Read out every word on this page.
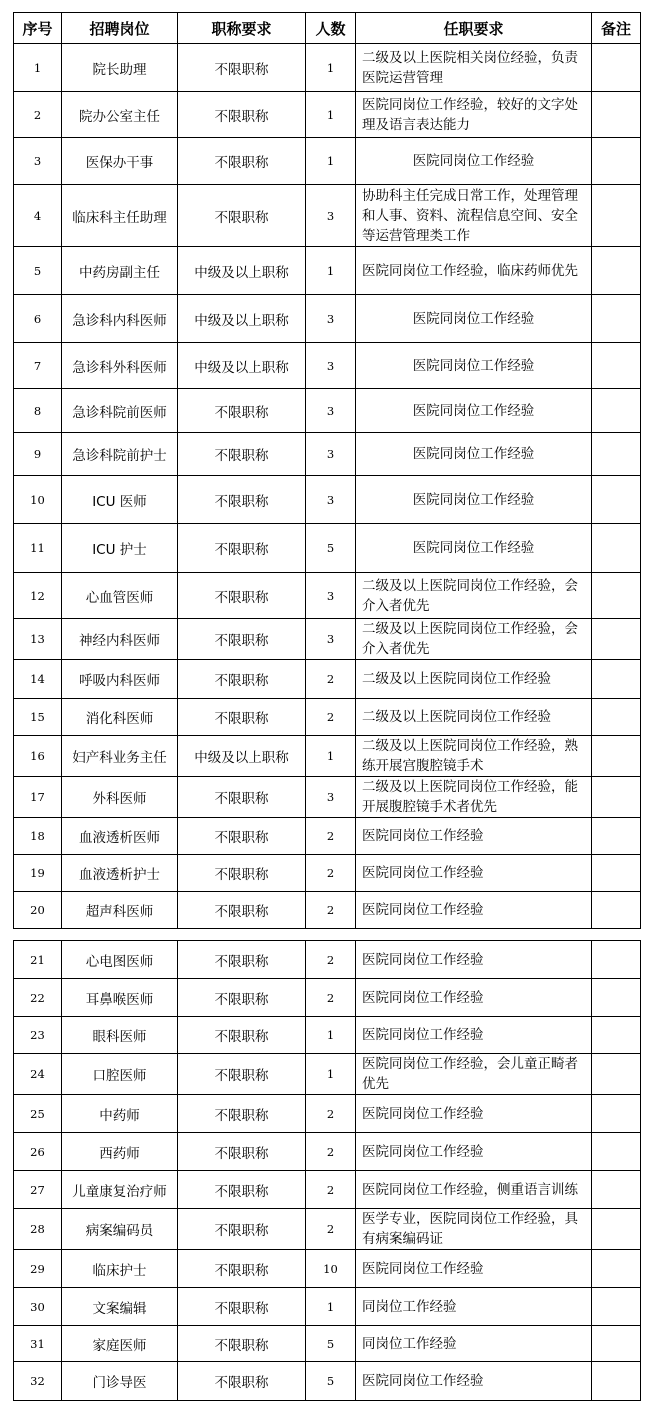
序号	招聘岗位	职称要求	人数	任职要求	备注
1	院长助理	不限职称	1	二级及以上医院相关岗位经验，负责医院运营管理	
2	院办公室主任	不限职称	1	医院同岗位工作经验，较好的文字处理及语言表达能力	
3	医保办干事	不限职称	1	医院同岗位工作经验	
4	临床科主任助理	不限职称	3	协助科主任完成日常工作，处理管理和人事、资料、流程信息空间、安全等运营管理类工作	
5	中药房副主任	中级及以上职称	1	医院同岗位工作经验，临床药师优先	
6	急诊科内科医师	中级及以上职称	3	医院同岗位工作经验	
7	急诊科外科医师	中级及以上职称	3	医院同岗位工作经验	
8	急诊科院前医师	不限职称	3	医院同岗位工作经验	
9	急诊科院前护士	不限职称	3	医院同岗位工作经验	
10	ICU 医师	不限职称	3	医院同岗位工作经验	
11	ICU 护士	不限职称	5	医院同岗位工作经验	
12	心血管医师	不限职称	3	二级及以上医院同岗位工作经验，会介入者优先	
13	神经内科医师	不限职称	3	二级及以上医院同岗位工作经验，会介入者优先	
14	呼吸内科医师	不限职称	2	二级及以上医院同岗位工作经验	
15	消化科医师	不限职称	2	二级及以上医院同岗位工作经验	
16	妇产科业务主任	中级及以上职称	1	二级及以上医院同岗位工作经验，熟练开展宫腹腔镜手术	
17	外科医师	不限职称	3	二级及以上医院同岗位工作经验，能开展腹腔镜手术者优先	
18	血液透析医师	不限职称	2	医院同岗位工作经验	
19	血液透析护士	不限职称	2	医院同岗位工作经验	
20	超声科医师	不限职称	2	医院同岗位工作经验	
21	心电图医师	不限职称	2	医院同岗位工作经验	
22	耳鼻喉医师	不限职称	2	医院同岗位工作经验	
23	眼科医师	不限职称	1	医院同岗位工作经验	
24	口腔医师	不限职称	1	医院同岗位工作经验，会儿童正畸者优先	
25	中药师	不限职称	2	医院同岗位工作经验	
26	西药师	不限职称	2	医院同岗位工作经验	
27	儿童康复治疗师	不限职称	2	医院同岗位工作经验，侧重语言训练	
28	病案编码员	不限职称	2	医学专业，医院同岗位工作经验，具有病案编码证	
29	临床护士	不限职称	10	医院同岗位工作经验	
30	文案编辑	不限职称	1	同岗位工作经验	
31	家庭医师	不限职称	5	同岗位工作经验	
32	门诊导医	不限职称	5	医院同岗位工作经验	
